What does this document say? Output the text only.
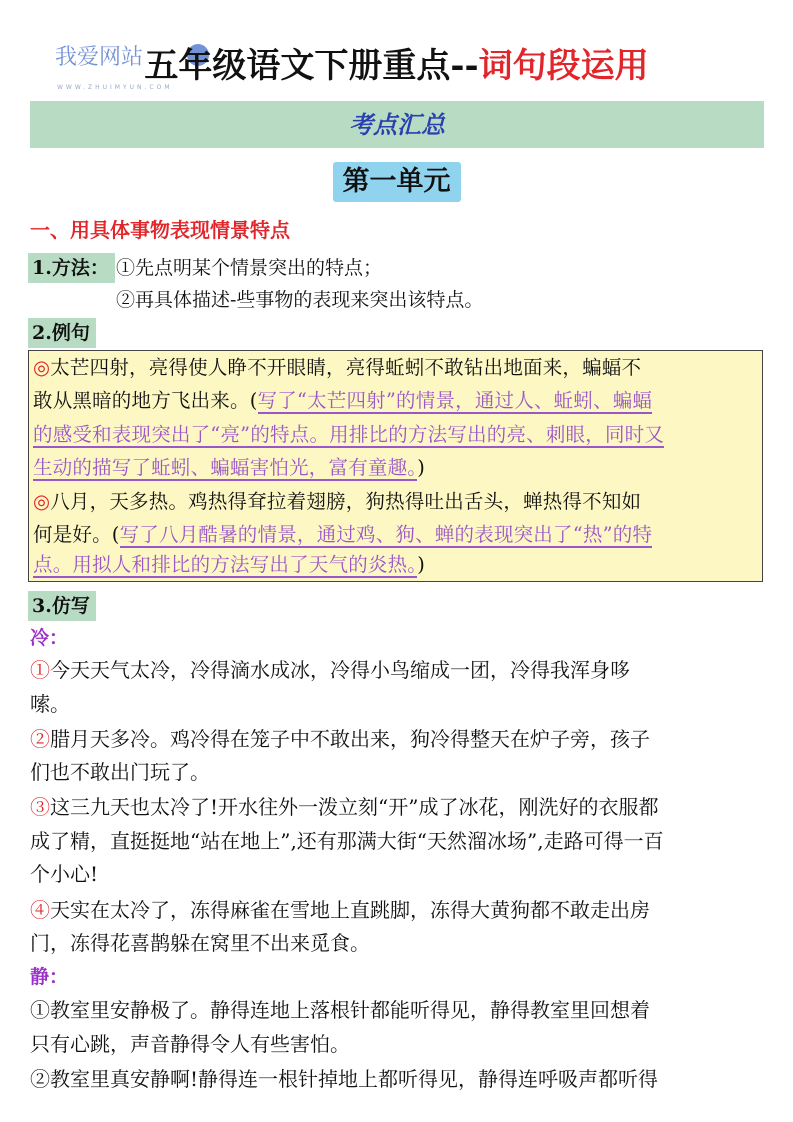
我爱网站
WWW.ZHUIMYUN.COM
五年级语文下册重点--词句段运用
考点汇总
第一单元
一、用具体事物表现情景特点
1.方法： ①先点明某个情景突出的特点；
②再具体描述-些事物的表现来突出该特点。
2.例句
◎太芒四射，亮得使人睁不开眼睛，亮得蚯蚓不敢钻出地面来，蝙蝠不
敢从黑暗的地方飞出来。(写了“太芒四射”的情景，通过人、蚯蚓、蝙蝠
的感受和表现突出了“亮”的特点。用排比的方法写出的亮、刺眼，同时又
生动的描写了蚯蚓、蝙蝠害怕光，富有童趣。)
◎八月，天多热。鸡热得耷拉着翅膀，狗热得吐出舌头，蝉热得不知如
何是好。(写了八月酷暑的情景，通过鸡、狗、蝉的表现突出了“热”的特
点。用拟人和排比的方法写出了天气的炎热。)
3.仿写
冷：
①今天天气太冷，冷得滴水成冰，冷得小鸟缩成一团，冷得我浑身哆
嗦。
②腊月天多冷。鸡冷得在笼子中不敢出来，狗冷得整天在炉子旁，孩子
们也不敢出门玩了。
③这三九天也太冷了!开水往外一泼立刻“开”成了冰花，刚洗好的衣服都
成了精，直挺挺地“站在地上”,还有那满大街“天然溜冰场”,走路可得一百
个小心!
④天实在太冷了，冻得麻雀在雪地上直跳脚，冻得大黄狗都不敢走出房
门，冻得花喜鹊躲在窝里不出来觅食。
静：
①教室里安静极了。静得连地上落根针都能听得见，静得教室里回想着
只有心跳，声音静得令人有些害怕。
②教室里真安静啊!静得连一根针掉地上都听得见，静得连呼吸声都听得
